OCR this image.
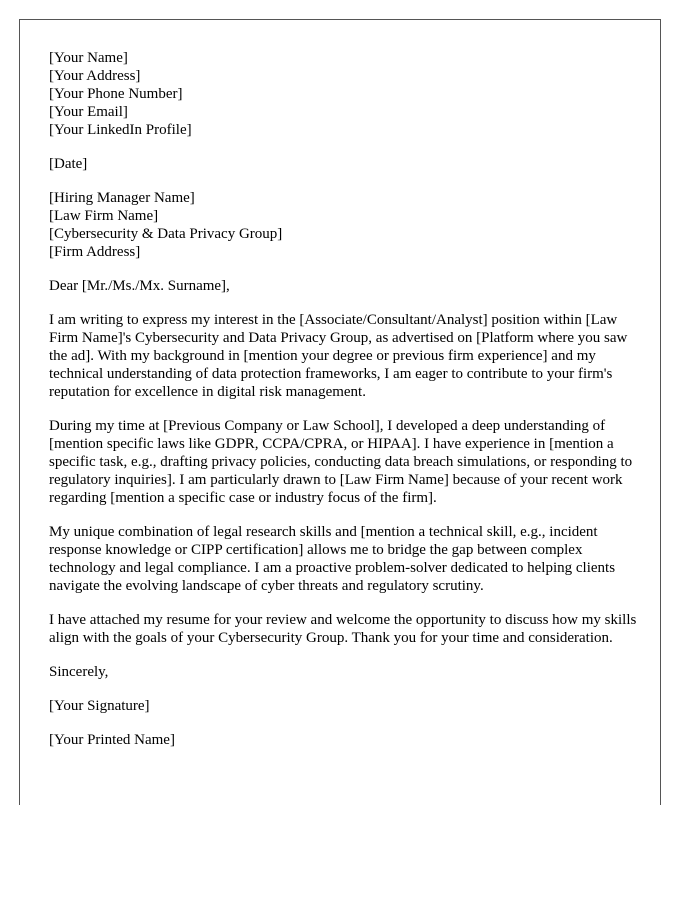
[Your Name]
[Your Address]
[Your Phone Number]
[Your Email]
[Your LinkedIn Profile]
[Date]
[Hiring Manager Name]
[Law Firm Name]
[Cybersecurity & Data Privacy Group]
[Firm Address]

Dear [Mr./Ms./Mx. Surname],

I am writing to express my interest in the [Associate/Consultant/Analyst] position within [Law Firm Name]'s Cybersecurity and Data Privacy Group, as advertised on [Platform where you saw the ad]. With my background in [mention your degree or previous firm experience] and my technical understanding of data protection frameworks, I am eager to contribute to your firm's reputation for excellence in digital risk management.

During my time at [Previous Company or Law School], I developed a deep understanding of [mention specific laws like GDPR, CCPA/CPRA, or HIPAA]. I have experience in [mention a specific task, e.g., drafting privacy policies, conducting data breach simulations, or responding to regulatory inquiries]. I am particularly drawn to [Law Firm Name] because of your recent work regarding [mention a specific case or industry focus of the firm].

My unique combination of legal research skills and [mention a technical skill, e.g., incident response knowledge or CIPP certification] allows me to bridge the gap between complex technology and legal compliance. I am a proactive problem-solver dedicated to helping clients navigate the evolving landscape of cyber threats and regulatory scrutiny.

I have attached my resume for your review and welcome the opportunity to discuss how my skills align with the goals of your Cybersecurity Group. Thank you for your time and consideration.

Sincerely,

[Your Signature]

[Your Printed Name]
